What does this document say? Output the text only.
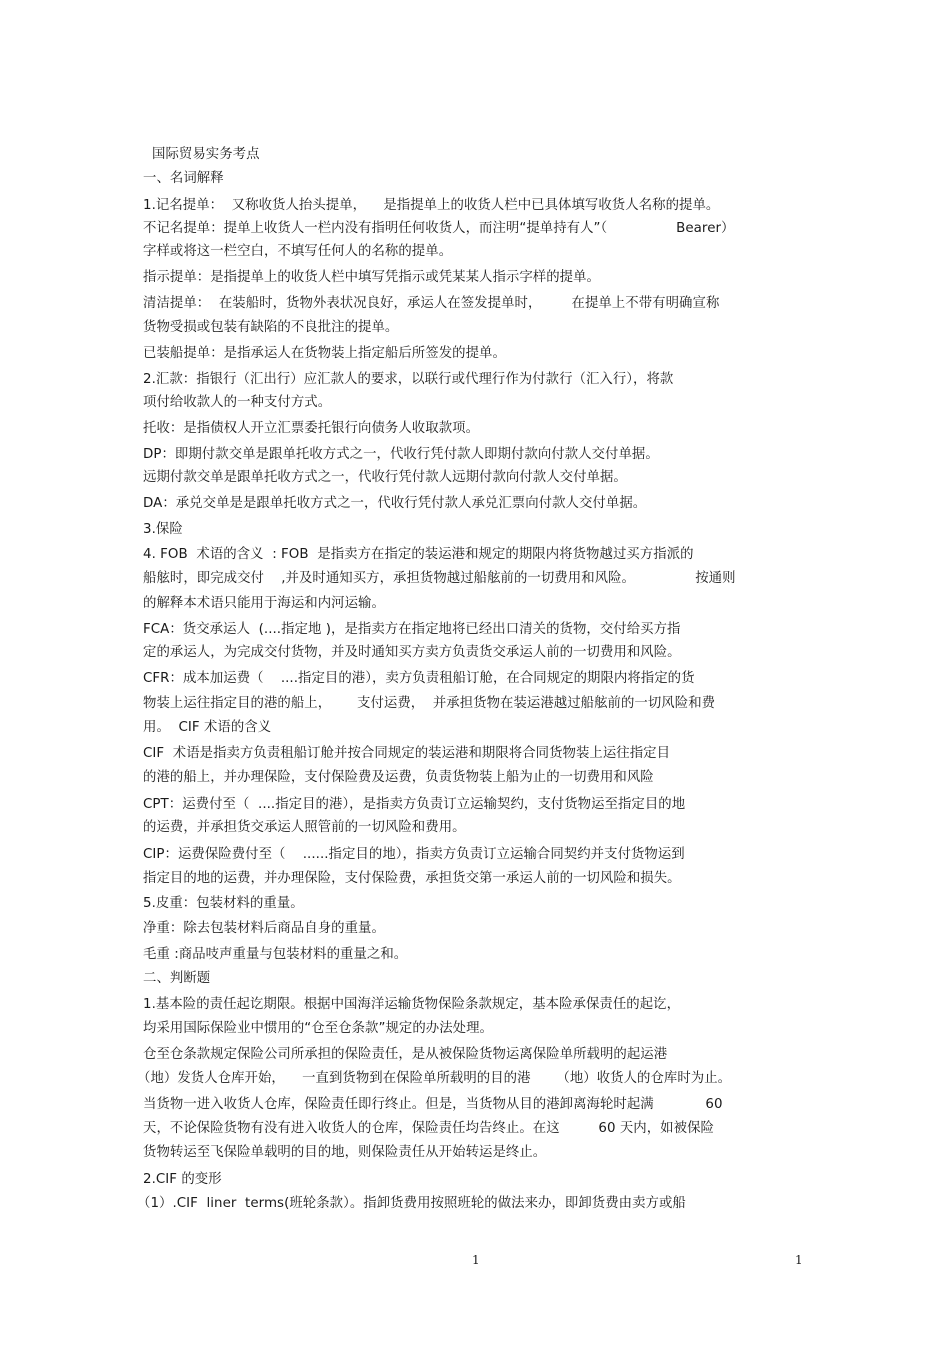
国际贸易实务考点
一、名词解释
1.记名提单：  又称收货人抬头提单，    是指提单上的收货人栏中已具体填写收货人名称的提单。
不记名提单：提单上收货人一栏内没有指明任何收货人，而注明“提单持有人”（                Bearer）
字样或将这一栏空白，不填写任何人的名称的提单。
指示提单：是指提单上的收货人栏中填写凭指示或凭某某人指示字样的提单。
清洁提单：  在装船时，货物外表状况良好，承运人在签发提单时，       在提单上不带有明确宣称
货物受损或包装有缺陷的不良批注的提单。
已装船提单：是指承运人在货物装上指定船后所签发的提单。
2.汇款：指银行（汇出行）应汇款人的要求，以联行或代理行作为付款行（汇入行），将款
项付给收款人的一种支付方式。
托收：是指债权人开立汇票委托银行向债务人收取款项。
DP：即期付款交单是跟单托收方式之一，代收行凭付款人即期付款向付款人交付单据。
远期付款交单是跟单托收方式之一，代收行凭付款人远期付款向付款人交付单据。
DA：承兑交单是是跟单托收方式之一，代收行凭付款人承兑汇票向付款人交付单据。
3.保险
4. FOB  术语的含义  : FOB  是指卖方在指定的装运港和规定的期限内将货物越过买方指派的
船舷时，即完成交付    ,并及时通知买方，承担货物越过船舷前的一切费用和风险。              按通则
的解释本术语只能用于海运和内河运输。
FCA：货交承运人  (....指定地 )，是指卖方在指定地将已经出口清关的货物，交付给买方指
定的承运人，为完成交付货物，并及时通知买方卖方负责货交承运人前的一切费用和风险。
CFR：成本加运费（    ....指定目的港），卖方负责租船订舱，在合同规定的期限内将指定的货
物装上运往指定目的港的船上，      支付运费，  并承担货物在装运港越过船舷前的一切风险和费
用。  CIF 术语的含义
CIF  术语是指卖方负责租船订舱并按合同规定的装运港和期限将合同货物装上运往指定目
的港的船上，并办理保险，支付保险费及运费，负责货物装上船为止的一切费用和风险
CPT：运费付至（  ....指定目的港），是指卖方负责订立运输契约，支付货物运至指定目的地
的运费，并承担货交承运人照管前的一切风险和费用。
CIP：运费保险费付至（    ......指定目的地），指卖方负责订立运输合同契约并支付货物运到
指定目的地的运费，并办理保险，支付保险费，承担货交第一承运人前的一切风险和损失。
5.皮重：包装材料的重量。
净重：除去包装材料后商品自身的重量。
毛重 :商品吱声重量与包装材料的重量之和。
二、判断题
1.基本险的责任起讫期限。根据中国海洋运输货物保险条款规定，基本险承保责任的起讫，
均采用国际保险业中惯用的“仓至仓条款”规定的办法处理。
仓至仓条款规定保险公司所承担的保险责任，是从被保险货物运离保险单所载明的起运港
（地）发货人仓库开始，    一直到货物到在保险单所载明的目的港      （地）收货人的仓库时为止。
当货物一进入收货人仓库，保险责任即行终止。但是，当货物从目的港卸离海轮时起满            60
天，不论保险货物有没有进入收货人的仓库，保险责任均告终止。在这         60 天内，如被保险
货物转运至飞保险单载明的目的地，则保险责任从开始转运是终止。
2.CIF 的变形
（1）.CIF  liner  terms(班轮条款）。指卸货费用按照班轮的做法来办，即卸货费由卖方或船
1	1
